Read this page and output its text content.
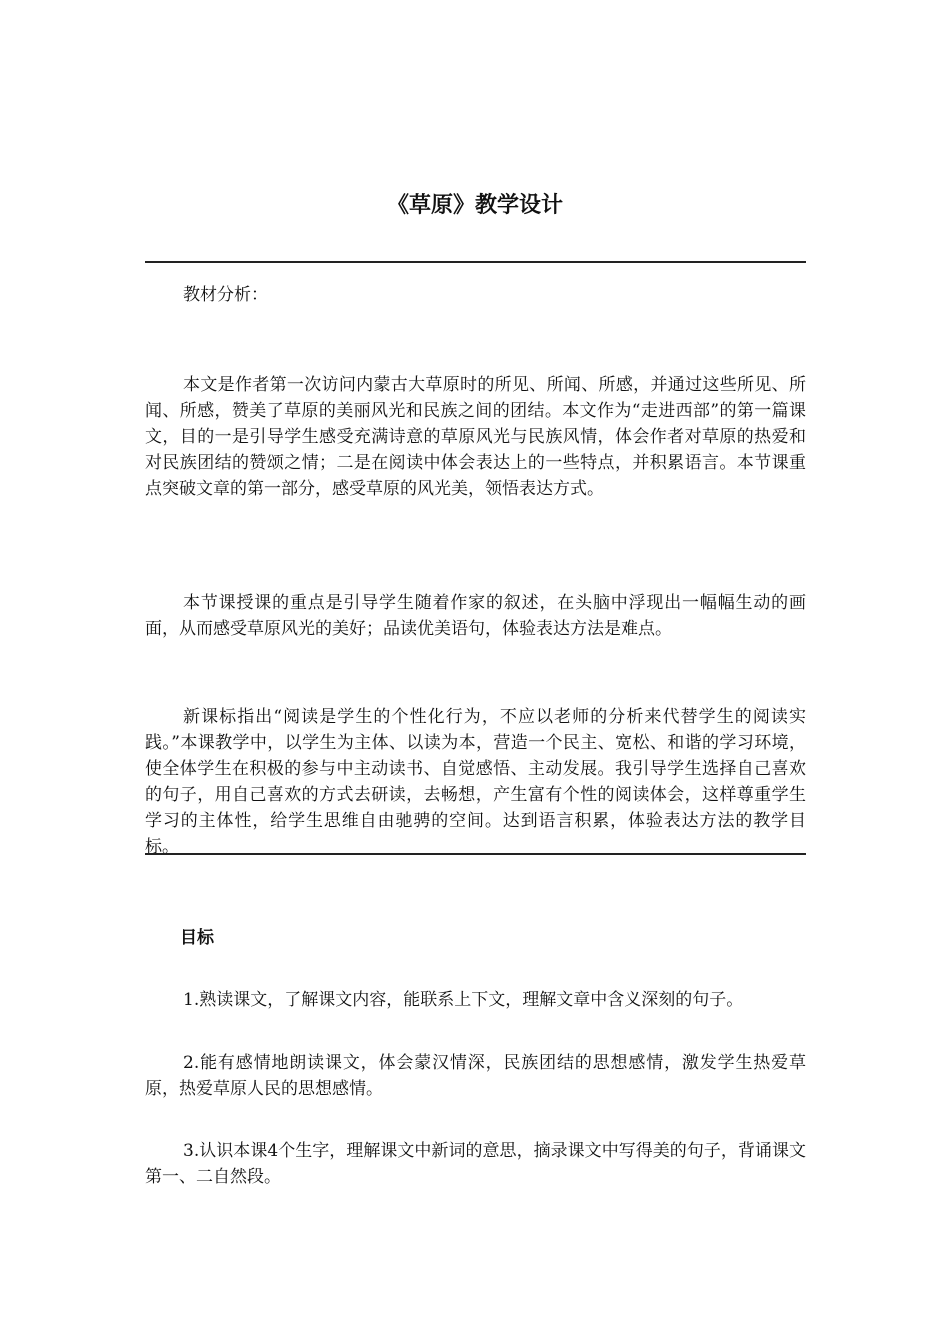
《草原》教学设计

教材分析：

本文是作者第一次访问内蒙古大草原时的所见、所闻、所感，并通过这些所见、所闻、所感，赞美了草原的美丽风光和民族之间的团结。本文作为“走进西部”的第一篇课文，目的一是引导学生感受充满诗意的草原风光与民族风情，体会作者对草原的热爱和对民族团结的赞颂之情；二是在阅读中体会表达上的一些特点，并积累语言。本节课重点突破文章的第一部分，感受草原的风光美，领悟表达方式。

本节课授课的重点是引导学生随着作家的叙述，在头脑中浮现出一幅幅生动的画面，从而感受草原风光的美好；品读优美语句，体验表达方法是难点。

新课标指出“阅读是学生的个性化行为，不应以老师的分析来代替学生的阅读实践。”本课教学中，以学生为主体、以读为本，营造一个民主、宽松、和谐的学习环境，使全体学生在积极的参与中主动读书、自觉感悟、主动发展。我引导学生选择自己喜欢的句子，用自己喜欢的方式去研读，去畅想，产生富有个性的阅读体会，这样尊重学生学习的主体性，给学生思维自由驰骋的空间。达到语言积累，体验表达方法的教学目标。

目标

1.熟读课文，了解课文内容，能联系上下文，理解文章中含义深刻的句子。

2.能有感情地朗读课文，体会蒙汉情深，民族团结的思想感情，激发学生热爱草原，热爱草原人民的思想感情。

3.认识本课4个生字，理解课文中新词的意思，摘录课文中写得美的句子，背诵课文第一、二自然段。
